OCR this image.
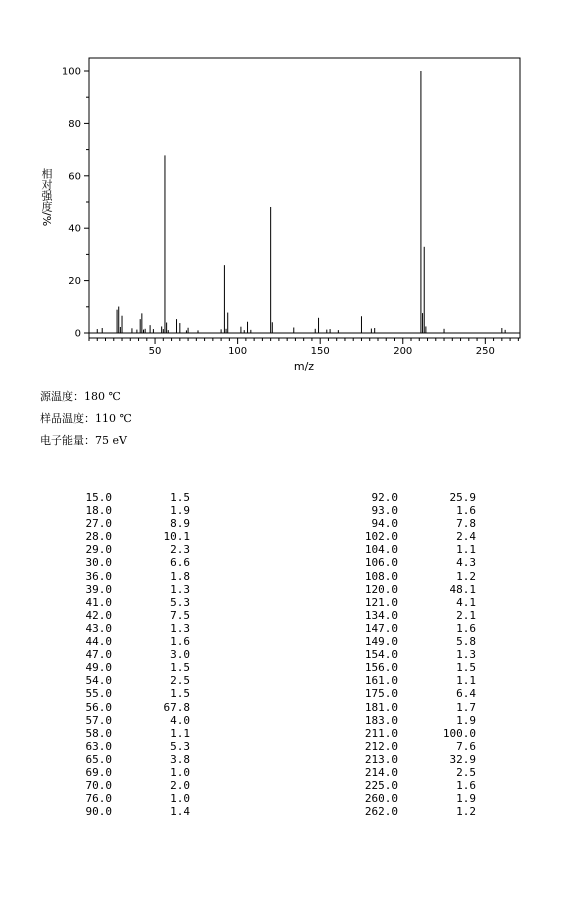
0
20
40
60
80
100
50	100	150	200	250
m/z
相对强度/%
源温度：180 ℃
样品温度：110 ℃
电子能量：75 eV
15.0	1.5
18.0	1.9
27.0	8.9
28.0	10.1
29.0	2.3
30.0	6.6
36.0	1.8
39.0	1.3
41.0	5.3
42.0	7.5
43.0	1.3
44.0	1.6
47.0	3.0
49.0	1.5
54.0	2.5
55.0	1.5
56.0	67.8
57.0	4.0
58.0	1.1
63.0	5.3
65.0	3.8
69.0	1.0
70.0	2.0
76.0	1.0
90.0	1.4
92.0	25.9
93.0	1.6
94.0	7.8
102.0	2.4
104.0	1.1
106.0	4.3
108.0	1.2
120.0	48.1
121.0	4.1
134.0	2.1
147.0	1.6
149.0	5.8
154.0	1.3
156.0	1.5
161.0	1.1
175.0	6.4
181.0	1.7
183.0	1.9
211.0	100.0
212.0	7.6
213.0	32.9
214.0	2.5
225.0	1.6
260.0	1.9
262.0	1.2
